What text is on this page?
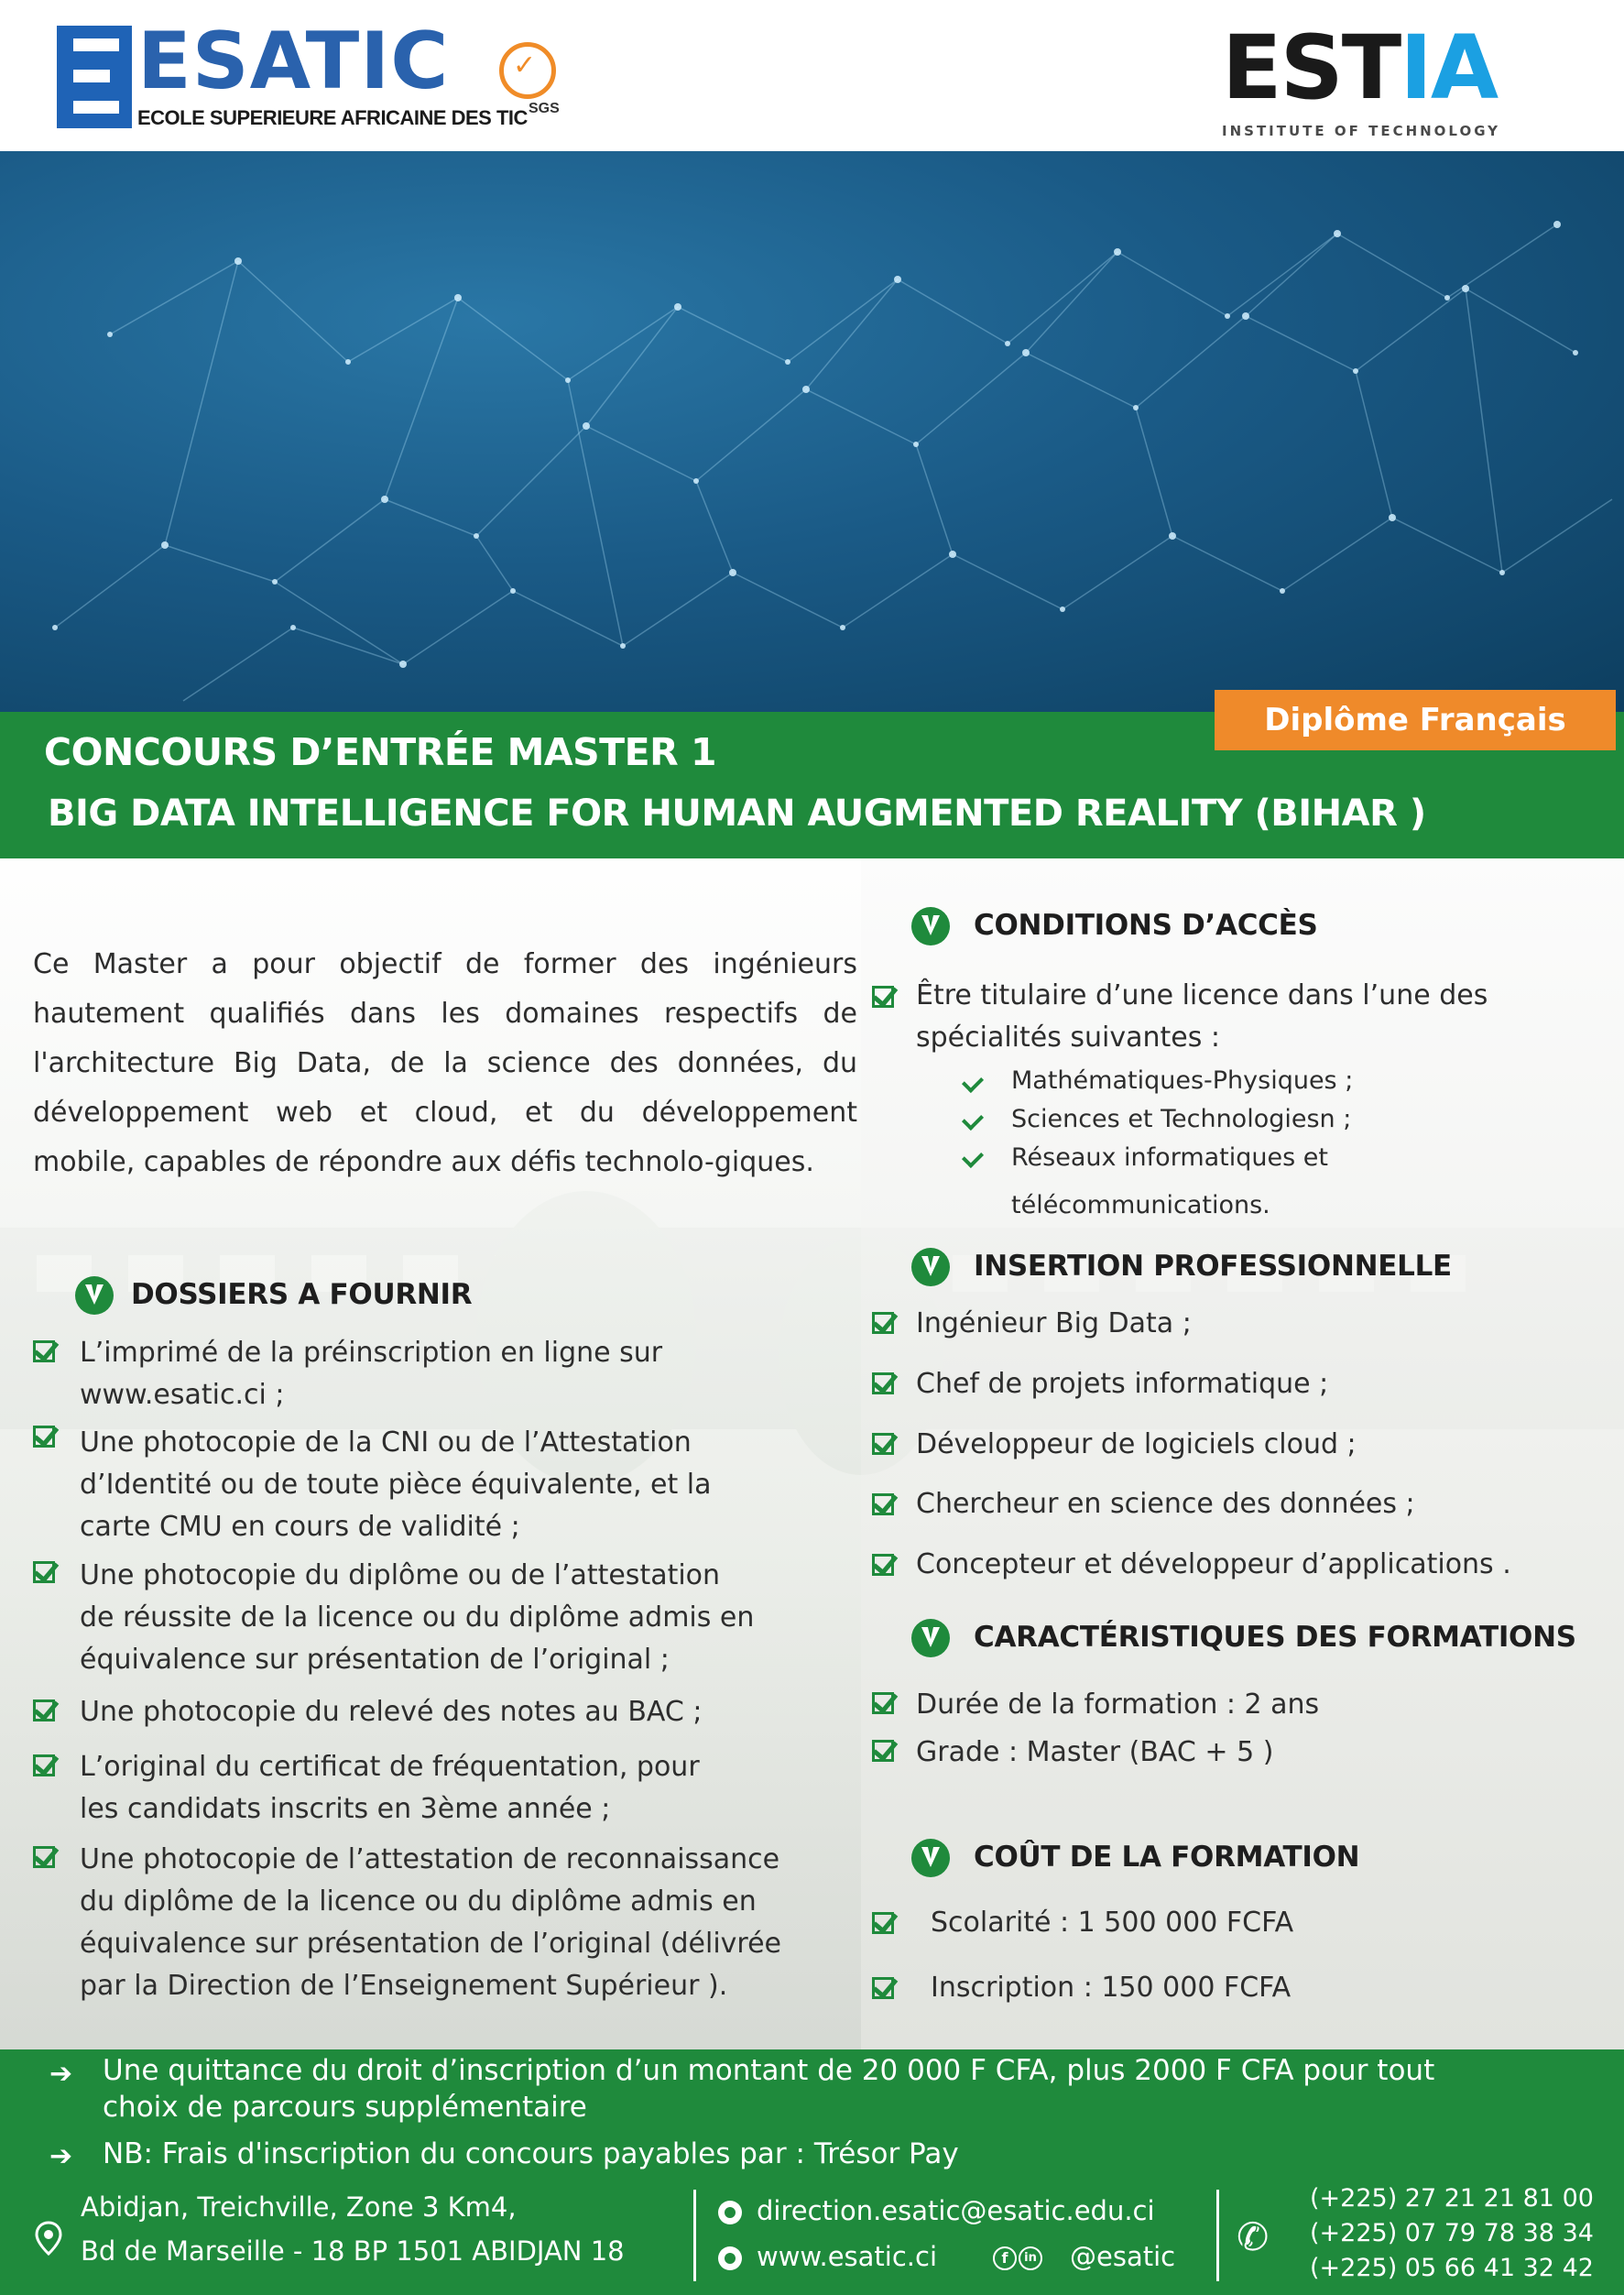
ESATIC
ECOLE SUPERIEURE AFRICAINE DES TIC
✓
SGS	ESTIA
INSTITUTE OF TECHNOLOGY
Diplôme Français
CONCOURS D’ENTRÉE MASTER 1
BIG DATA INTELLIGENCE FOR HUMAN AUGMENTED REALITY (BIHAR )
Ce Master a pour objectif de former des ingénieurs hautement qualifiés dans les domaines respectifs de l'architecture Big Data, de la science des données, du développement web et cloud, et du développement mobile, capables de répondre aux défis technolo-giques.
DOSSIERS A FOURNIR
L’imprimé de la préinscription en ligne sur
www.esatic.ci ;
Une photocopie de la CNI ou de l’Attestation
d’Identité ou de toute pièce équivalente, et la
carte CMU en cours de validité ;
Une photocopie du diplôme ou de l’attestation
de réussite de la licence ou du diplôme admis en
équivalence sur présentation de l’original ;
Une photocopie du relevé des notes au BAC ;
L’original du certificat de fréquentation, pour
les candidats inscrits en 3ème année ;
Une photocopie de l’attestation de reconnaissance
du diplôme de la licence ou du diplôme admis en
équivalence sur présentation de l’original (délivrée
par la Direction de l’Enseignement Supérieur ).
CONDITIONS D’ACCÈS
Être titulaire d’une licence dans l’une des
spécialités suivantes :
Mathématiques-Physiques ;
Sciences et Technologiesn ;
Réseaux informatiques et
télécommunications.
INSERTION PROFESSIONNELLE
Ingénieur Big Data ;
Chef de projets informatique ;
Développeur de logiciels cloud ;
Chercheur en science des données ;
Concepteur et développeur d’applications .
CARACTÉRISTIQUES DES FORMATIONS
Durée de la formation : 2 ans
Grade : Master (BAC + 5 )
COÛT DE LA FORMATION
Scolarité : 1 500 000 FCFA
Inscription : 150 000 FCFA
➔ Une quittance du droit d’inscription d’un montant de 20 000 F CFA, plus 2000 F CFA pour tout
choix de parcours supplémentaire
➔ NB: Frais d'inscription du concours payables par : Trésor Pay
Abidjan, Treichville, Zone 3 Km4,
Bd de Marseille - 18 BP 1501 ABIDJAN 18
direction.esatic@esatic.edu.ci
www.esatic.ci	f	in @esatic ✆
(+225) 27 21 21 81 00
(+225) 07 79 78 38 34
(+225) 05 66 41 32 42
